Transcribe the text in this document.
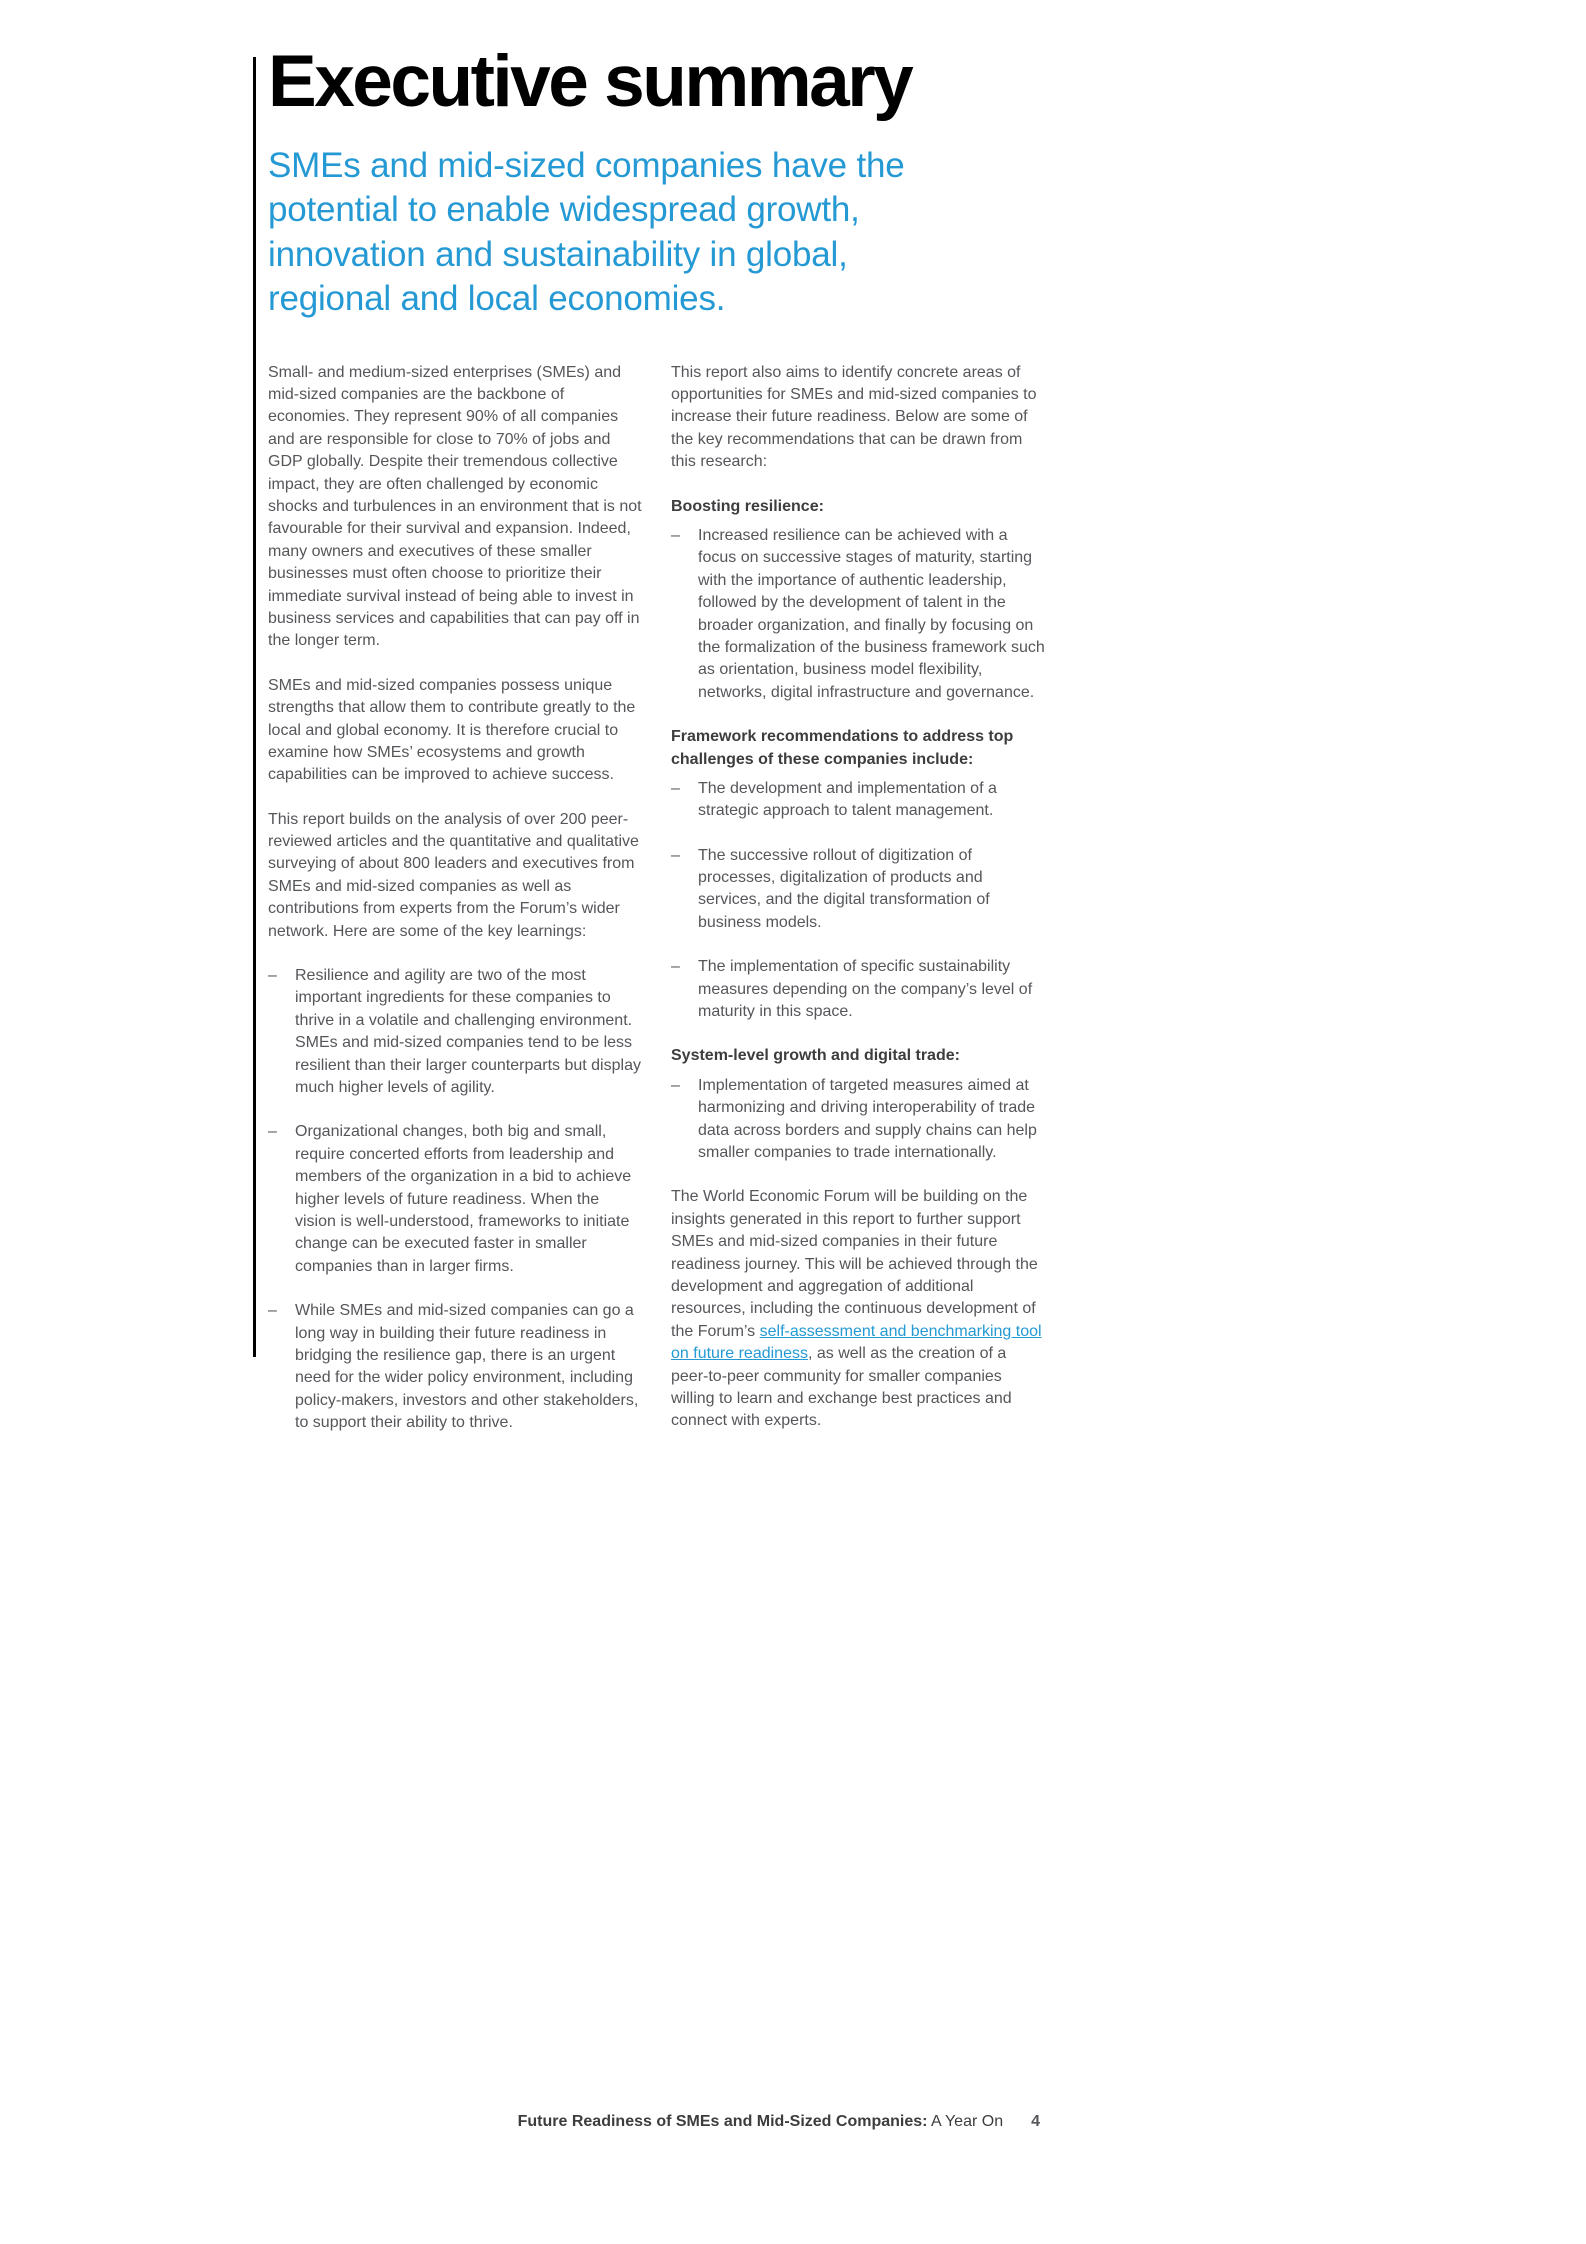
Executive summary
SMEs and mid-sized companies have the potential to enable widespread growth, innovation and sustainability in global, regional and local economies.

Small- and medium-sized enterprises (SMEs) and mid-sized companies are the backbone of economies. They represent 90% of all companies and are responsible for close to 70% of jobs and GDP globally. Despite their tremendous collective impact, they are often challenged by economic shocks and turbulences in an environment that is not favourable for their survival and expansion. Indeed, many owners and executives of these smaller businesses must often choose to prioritize their immediate survival instead of being able to invest in business services and capabilities that can pay off in the longer term.

SMEs and mid-sized companies possess unique strengths that allow them to contribute greatly to the local and global economy. It is therefore crucial to examine how SMEs’ ecosystems and growth capabilities can be improved to achieve success.

This report builds on the analysis of over 200 peer-reviewed articles and the quantitative and qualitative surveying of about 800 leaders and executives from SMEs and mid-sized companies as well as contributions from experts from the Forum’s wider network. Here are some of the key learnings:

–	Resilience and agility are two of the most important ingredients for these companies to thrive in a volatile and challenging environment. SMEs and mid-sized companies tend to be less resilient than their larger counterparts but display much higher levels of agility.
–	Organizational changes, both big and small, require concerted efforts from leadership and members of the organization in a bid to achieve higher levels of future readiness. When the vision is well-understood, frameworks to initiate change can be executed faster in smaller companies than in larger firms.
–	While SMEs and mid-sized companies can go a long way in building their future readiness in bridging the resilience gap, there is an urgent need for the wider policy environment, including policy-makers, investors and other stakeholders, to support their ability to thrive.

This report also aims to identify concrete areas of opportunities for SMEs and mid-sized companies to increase their future readiness. Below are some of the key recommendations that can be drawn from this research:

Boosting resilience:
–	Increased resilience can be achieved with a focus on successive stages of maturity, starting with the importance of authentic leadership, followed by the development of talent in the broader organization, and finally by focusing on the formalization of the business framework such as orientation, business model flexibility, networks, digital infrastructure and governance.
Framework recommendations to address top challenges of these companies include:
–	The development and implementation of a strategic approach to talent management.
–	The successive rollout of digitization of processes, digitalization of products and services, and the digital transformation of business models.
–	The implementation of specific sustainability measures depending on the company’s level of maturity in this space.
System-level growth and digital trade:
–	Implementation of targeted measures aimed at harmonizing and driving interoperability of trade data across borders and supply chains can help smaller companies to trade internationally.

The World Economic Forum will be building on the insights generated in this report to further support SMEs and mid-sized companies in their future readiness journey. This will be achieved through the development and aggregation of additional resources, including the continuous development of the Forum’s self-assessment and benchmarking tool on future readiness, as well as the creation of a peer-to-peer community for smaller companies willing to learn and exchange best practices and connect with experts.

Future Readiness of SMEs and Mid-Sized Companies: A Year On 4
